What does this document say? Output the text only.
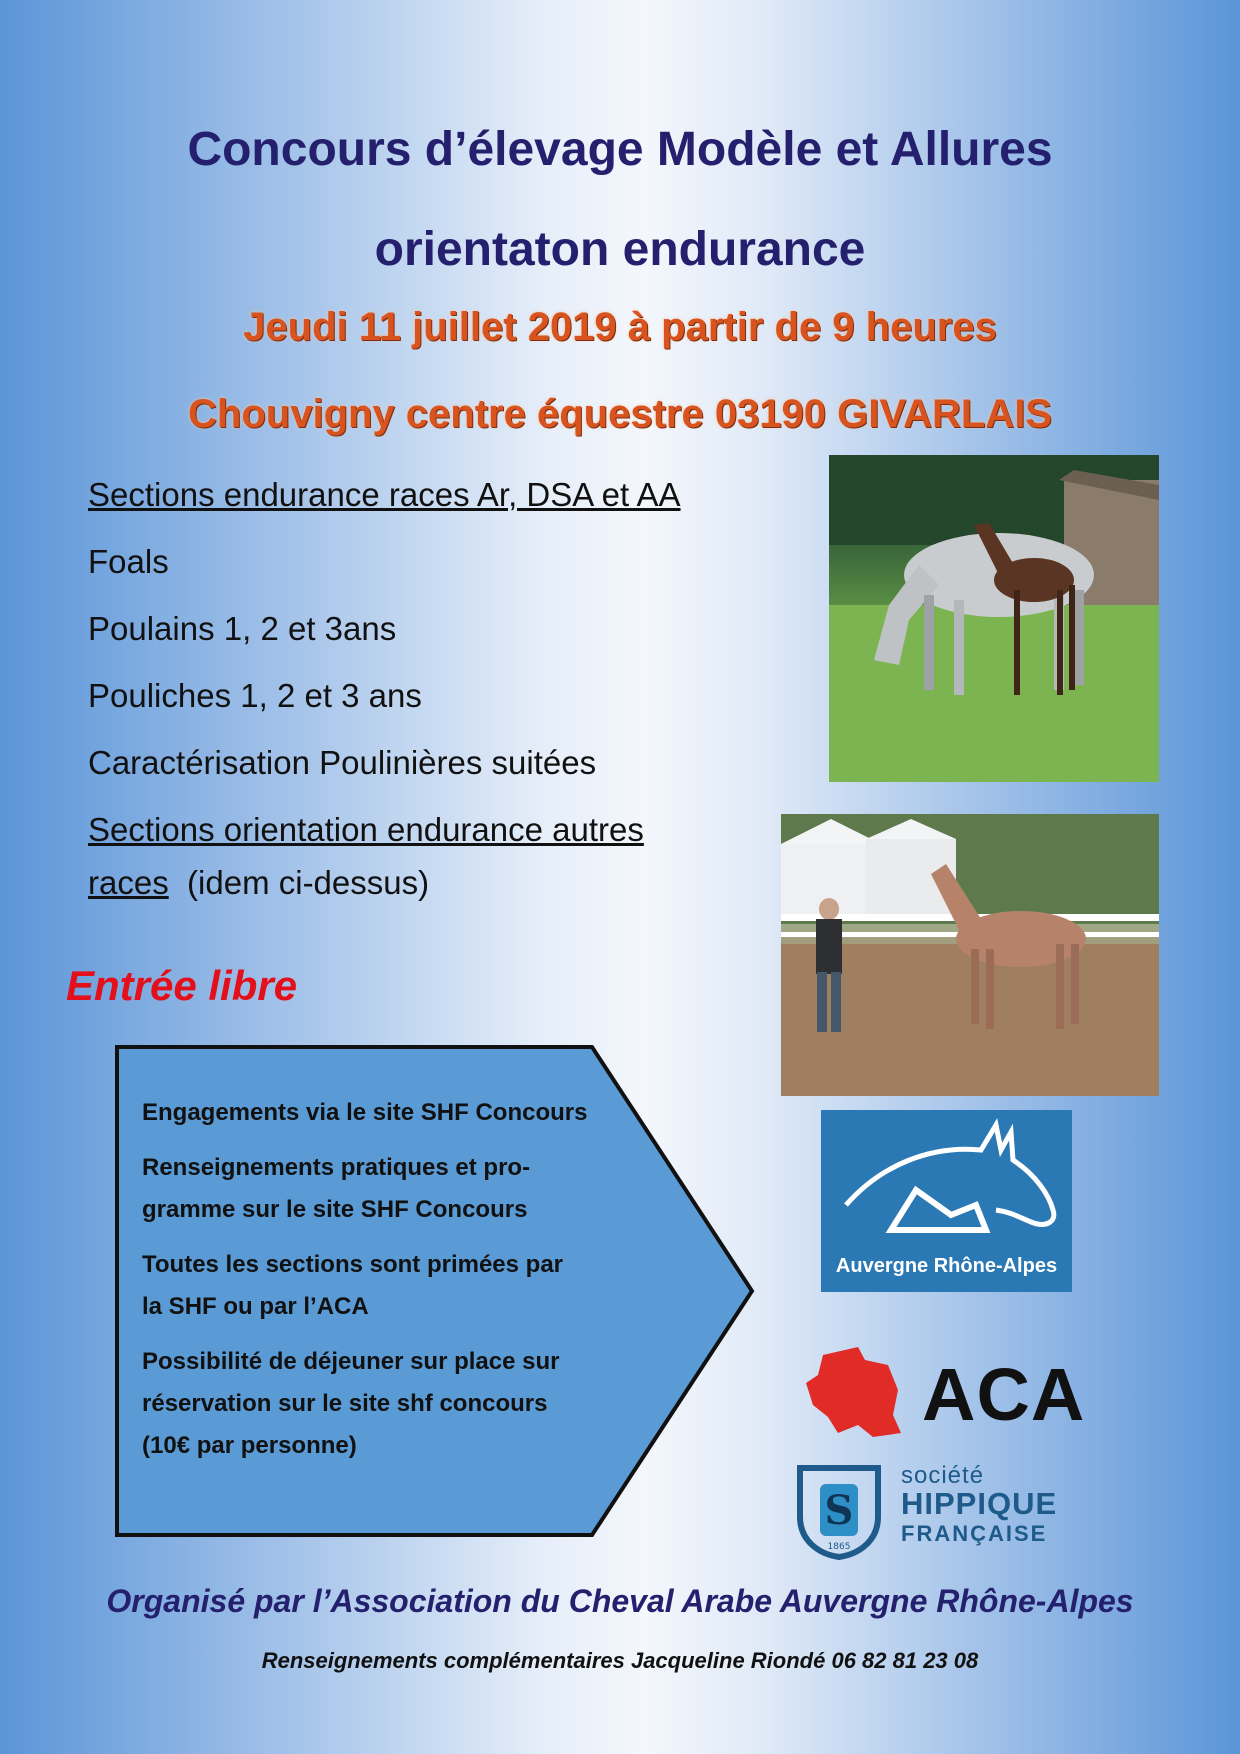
Concours d’élevage Modèle et Allures
orientaton endurance
Jeudi 11 juillet 2019 à partir de 9 heures
Chouvigny centre équestre 03190 GIVARLAIS
Sections endurance races Ar, DSA et AA
Foals
Poulains 1, 2 et 3ans
Pouliches 1, 2 et 3 ans
Caractérisation Poulinières suitées
Sections orientation endurance autres
races (idem ci-dessus)
Entrée libre

Engagements via le site SHF Concours

Renseignements pratiques et pro-
gramme sur le site SHF Concours

Toutes les sections sont primées par
la SHF ou par l’ACA

Possibilité de déjeuner sur place sur
réservation sur le site shf concours
(10€ par personne)

Auvergne Rhône-Alpes
ACA
S
1865
société
HIPPIQUE
FRANÇAISE
Organisé par l’Association du Cheval Arabe Auvergne Rhône-Alpes
Renseignements complémentaires Jacqueline Riondé 06 82 81 23 08
